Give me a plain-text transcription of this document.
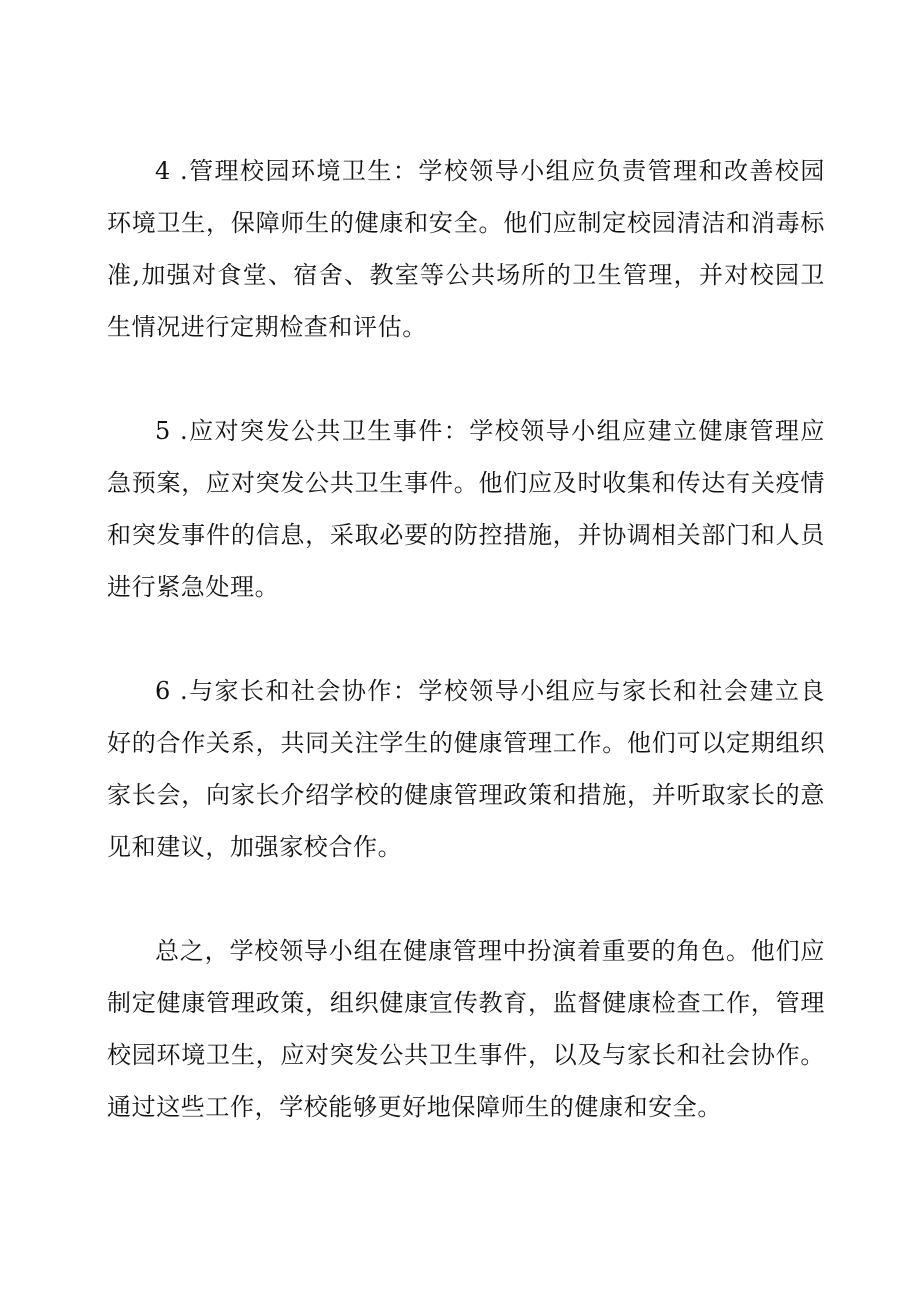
4 .管理校园环境卫生：学校领导小组应负责管理和改善校园环境卫生，保障师生的健康和安全。他们应制定校园清洁和消毒标准,加强对食堂、宿舍、教室等公共场所的卫生管理，并对校园卫生情况进行定期检查和评估。

5 .应对突发公共卫生事件：学校领导小组应建立健康管理应急预案，应对突发公共卫生事件。他们应及时收集和传达有关疫情和突发事件的信息，采取必要的防控措施，并协调相关部门和人员进行紧急处理。

6 .与家长和社会协作：学校领导小组应与家长和社会建立良好的合作关系，共同关注学生的健康管理工作。他们可以定期组织家长会，向家长介绍学校的健康管理政策和措施，并听取家长的意见和建议，加强家校合作。

总之，学校领导小组在健康管理中扮演着重要的角色。他们应制定健康管理政策，组织健康宣传教育，监督健康检查工作，管理校园环境卫生，应对突发公共卫生事件，以及与家长和社会协作。通过这些工作，学校能够更好地保障师生的健康和安全。
